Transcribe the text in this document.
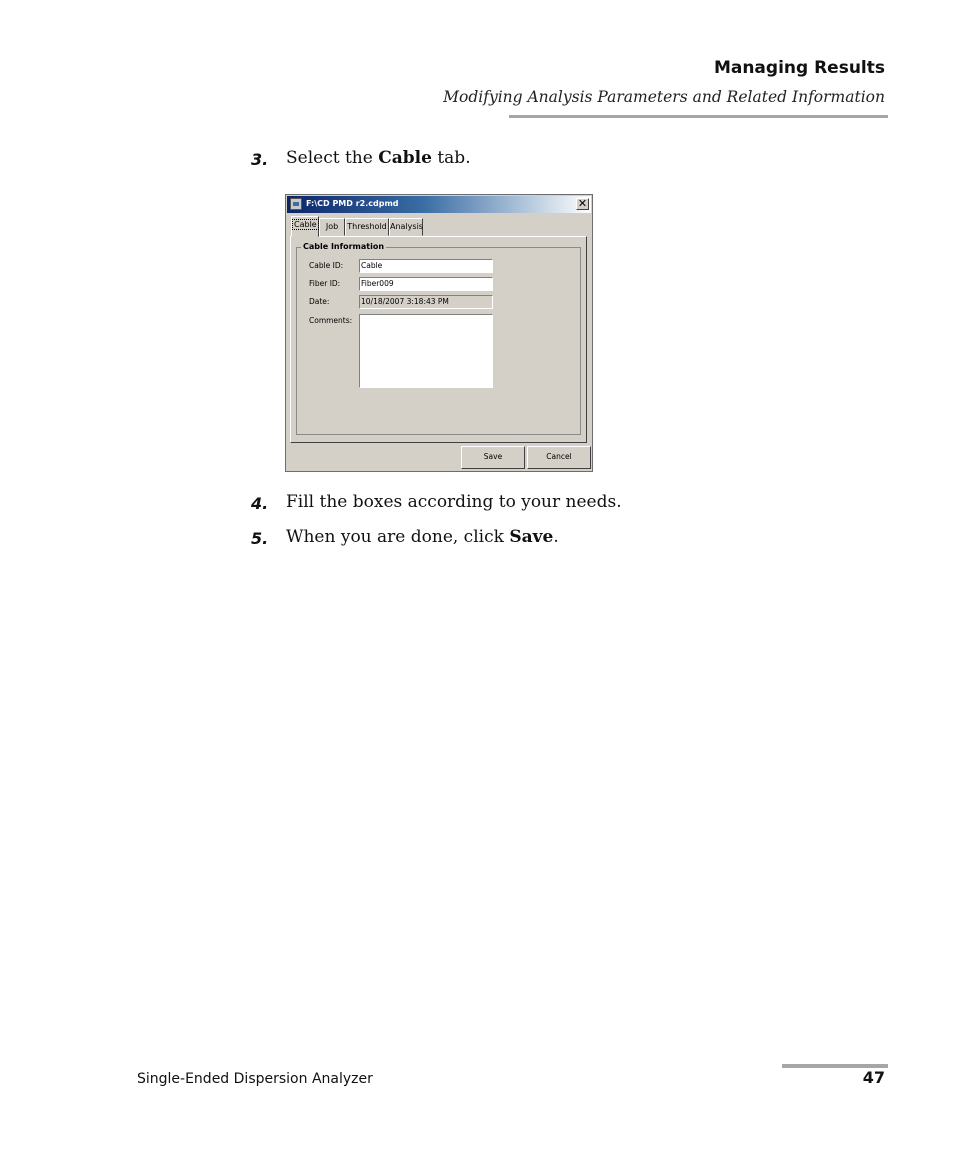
Managing Results
Modifying Analysis Parameters and Related Information
3. Select the Cable tab.
F:\CD PMD r2.cdpmd	✕
Cable	Job	Threshold Analysis
Cable Information
Cable ID: Cable
Fiber ID:	Fiber009
Date:	10/18/2007 3:18:43 PM
Comments:
Save	Cancel
4. Fill the boxes according to your needs.
5. When you are done, click Save.
Single-Ended Dispersion Analyzer	47
